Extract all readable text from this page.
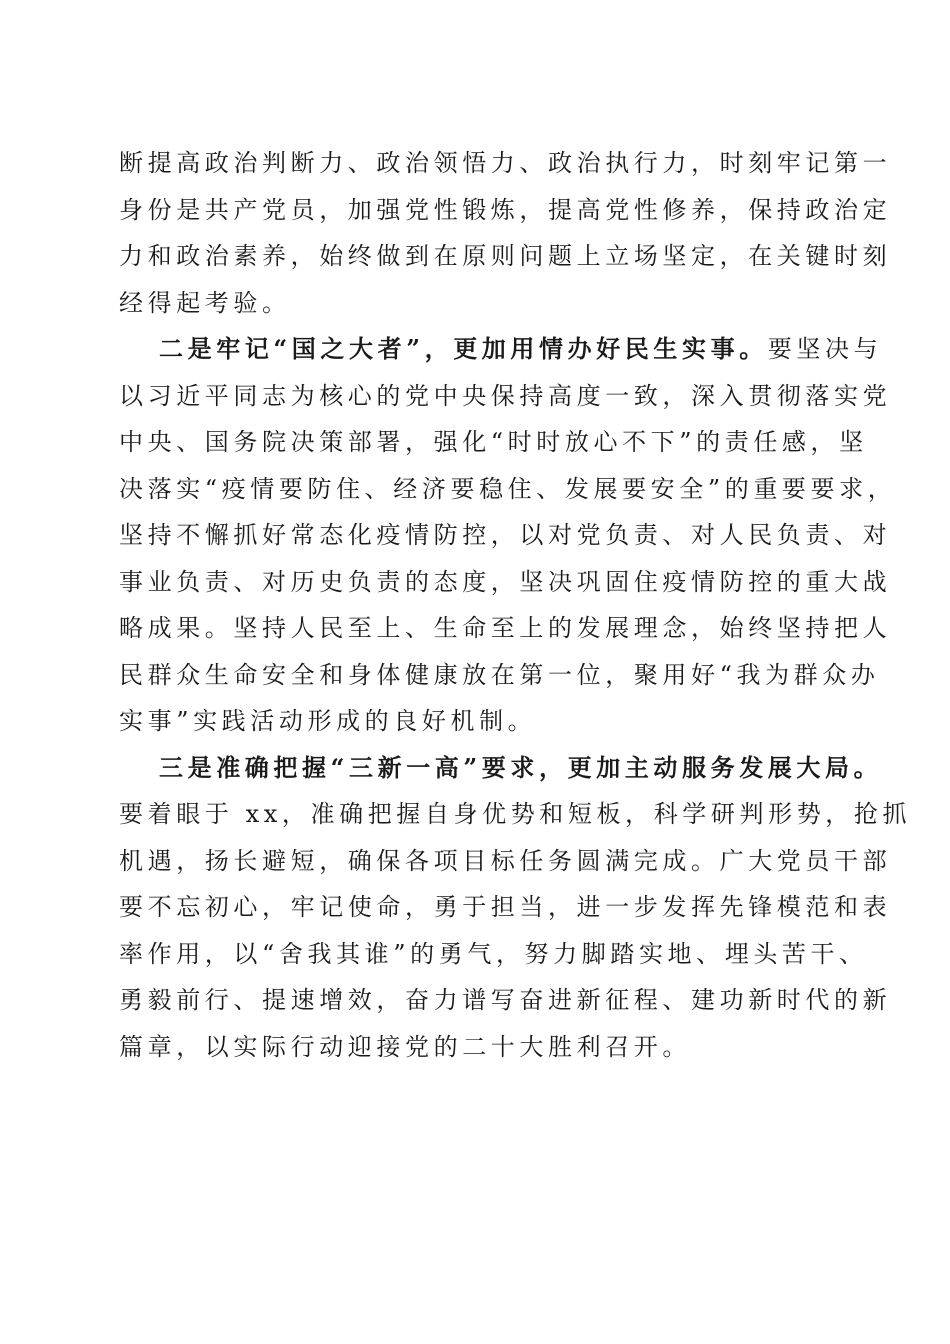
断提高政治判断力、政治领悟力、政治执行力，时刻牢记第一
身份是共产党员，加强党性锻炼，提高党性修养，保持政治定
力和政治素养，始终做到在原则问题上立场坚定，在关键时刻
经得起考验。
二是牢记“国之大者”，更加用情办好民生实事。要坚决与
以习近平同志为核心的党中央保持高度一致，深入贯彻落实党
中央、国务院决策部署，强化“时时放心不下”的责任感，坚
决落实“疫情要防住、经济要稳住、发展要安全”的重要要求，
坚持不懈抓好常态化疫情防控，以对党负责、对人民负责、对
事业负责、对历史负责的态度，坚决巩固住疫情防控的重大战
略成果。坚持人民至上、生命至上的发展理念，始终坚持把人
民群众生命安全和身体健康放在第一位，聚用好“我为群众办
实事”实践活动形成的良好机制。
三是准确把握“三新一高”要求，更加主动服务发展大局。
要着眼于 xx，准确把握自身优势和短板，科学研判形势，抢抓
机遇，扬长避短，确保各项目标任务圆满完成。广大党员干部
要不忘初心，牢记使命，勇于担当，进一步发挥先锋模范和表
率作用，以“舍我其谁”的勇气，努力脚踏实地、埋头苦干、
勇毅前行、提速增效，奋力谱写奋进新征程、建功新时代的新
篇章，以实际行动迎接党的二十大胜利召开。
